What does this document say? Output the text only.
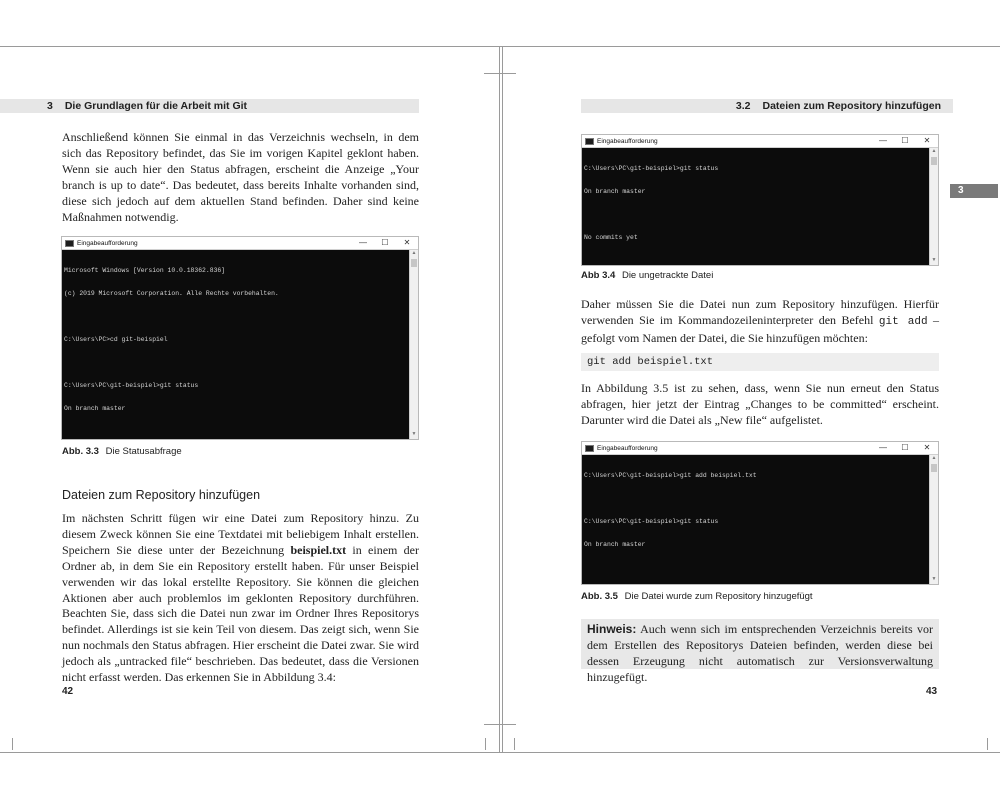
3 Die Grundlagen für die Arbeit mit Git

Anschließend können Sie einmal in das Verzeichnis wechseln, in dem sich das Repository befindet, das Sie im vorigen Kapitel geklont haben. Wenn sie auch hier den Status abfragen, erscheint die Anzeige „Your branch is up to date“. Das bedeutet, dass bereits Inhalte vorhanden sind, diese sich jedoch auf dem aktuellen Stand befinden. Daher sind keine Maßnahmen notwendig.

Eingabeaufforderung	—	☐	✕

Microsoft Windows [Version 10.0.18362.836]

(c) 2019 Microsoft Corporation. Alle Rechte vorbehalten.

C:\Users\PC>cd git-beispiel

C:\Users\PC\git-beispiel>git status

On branch master

▲
▼
Abb. 3.3 Die Statusabfrage

Dateien zum Repository hinzufügen

Im nächsten Schritt fügen wir eine Datei zum Repository hinzu. Zu diesem Zweck können Sie eine Textdatei mit beliebigem Inhalt erstellen. Speichern Sie diese unter der Bezeichnung beispiel.txt in einem der Ordner ab, in dem Sie ein Repository erstellt haben. Für unser Beispiel verwenden wir das lokal erstellte Repository. Sie können die gleichen Aktionen aber auch problemlos im geklonten Repository durchführen. Beachten Sie, dass sich die Datei nun zwar im Ordner Ihres Repositorys befindet. Allerdings ist sie kein Teil von diesem. Das zeigt sich, wenn Sie nun nochmals den Status abfragen. Hier erscheint die Datei zwar. Sie wird jedoch als „untracked file“ beschrieben. Das bedeutet, dass die Versionen nicht erfasst werden. Das erkennen Sie in Abbildung 3.4:

42
3.2 Dateien zum Repository hinzufügen
3
Eingabeaufforderung	—	☐	✕

C:\Users\PC\git-beispiel>git status

On branch master

No commits yet

▲
▼
Abb 3.4 Die ungetrackte Datei

Daher müssen Sie die Datei nun zum Repository hinzufügen. Hierfür verwenden Sie im Kommandozeileninterpreter den Befehl git add – gefolgt vom Namen der Datei, die Sie hinzufügen möchten:

git add beispiel.txt

In Abbildung 3.5 ist zu sehen, dass, wenn Sie nun erneut den Status abfragen, hier jetzt der Eintrag „Changes to be committed“ erscheint. Darunter wird die Datei als „New file“ aufgelistet.

Eingabeaufforderung	—	☐	✕

C:\Users\PC\git-beispiel>git add beispiel.txt

C:\Users\PC\git-beispiel>git status

On branch master

▲
▼
Abb. 3.5 Die Datei wurde zum Repository hinzugefügt
Hinweis: Auch wenn sich im entsprechenden Verzeichnis bereits vor dem Erstellen des Repositorys Dateien befinden, werden diese bei dessen Erzeugung nicht automatisch zur Versionsverwaltung hinzugefügt.
43
